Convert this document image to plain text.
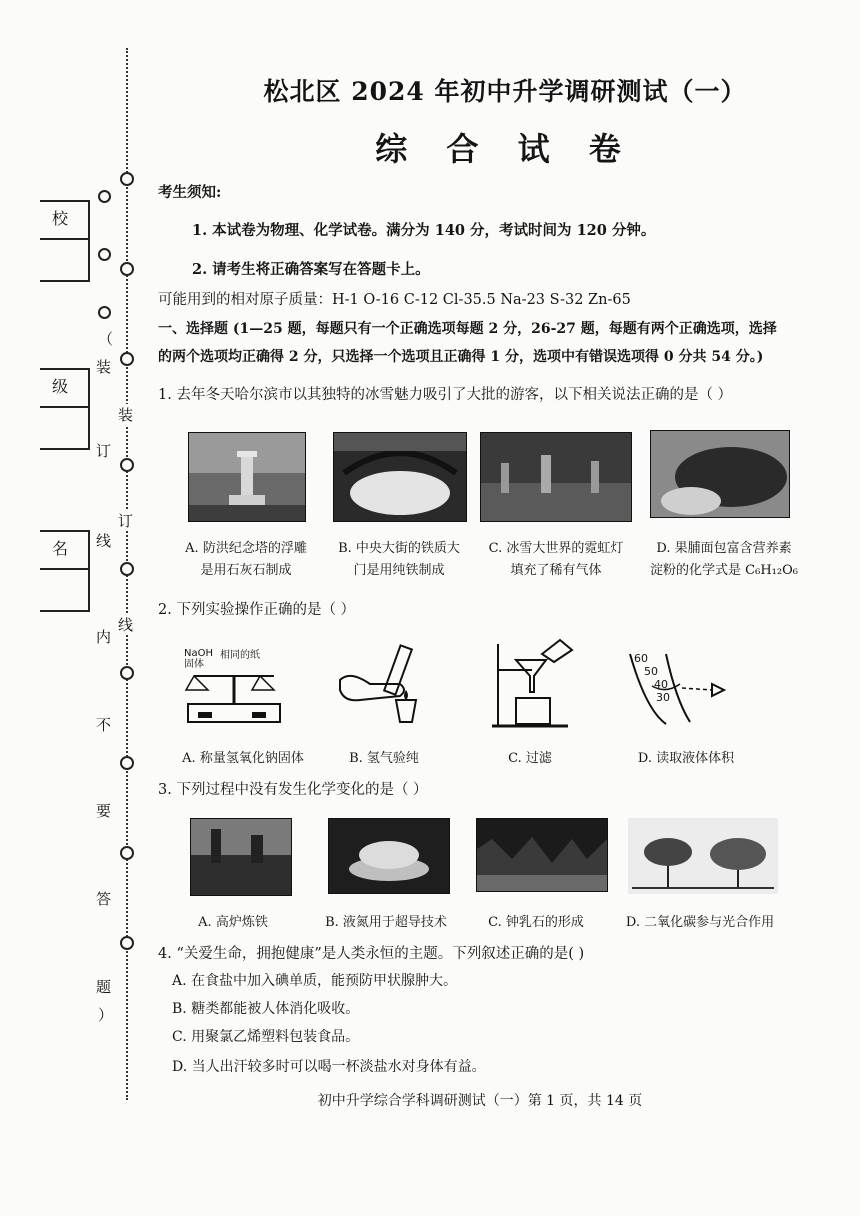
校
级
名
（
装
订
线
内
不
要
答
题
）
装
订
线
松北区 2024 年初中升学调研测试（一）
综 合 试 卷
考生须知:
1. 本试卷为物理、化学试卷。满分为 140 分，考试时间为 120 分钟。
2. 请考生将正确答案写在答题卡上。
可能用到的相对原子质量：H-1 O-16 C-12 Cl-35.5 Na-23 S-32 Zn-65
一、选择题 (1—25 题，每题只有一个正确选项每题 2 分，26-27 题，每题有两个正确选项，选择
的两个选项均正确得 2 分，只选择一个选项且正确得 1 分，选项中有错误选项得 0 分共 54 分。)
1. 去年冬天哈尔滨市以其独特的冰雪魅力吸引了大批的游客，以下相关说法正确的是（ ）
A. 防洪纪念塔的浮雕
是用石灰石制成
B. 中央大街的铁质大
门是用纯铁制成
C. 冰雪大世界的霓虹灯
填充了稀有气体
D. 果脯面包富含营养素
淀粉的化学式是 C₆H₁₂O₆
2. 下列实验操作正确的是（ ）
NaOH
固体
相同的纸	60
50
40
30
A. 称量氢氧化钠固体	B. 氢气验纯	C. 过滤	D. 读取液体体积
3. 下列过程中没有发生化学变化的是（ ）
A. 高炉炼铁	B. 液氮用于超导技术	C. 钟乳石的形成	D. 二氧化碳参与光合作用
4. “关爱生命，拥抱健康”是人类永恒的主题。下列叙述正确的是( )
A. 在食盐中加入碘单质，能预防甲状腺肿大。
B. 糖类都能被人体消化吸收。
C. 用聚氯乙烯塑料包装食品。
D. 当人出汗较多时可以喝一杯淡盐水对身体有益。
初中升学综合学科调研测试（一）第 1 页，共 14 页
